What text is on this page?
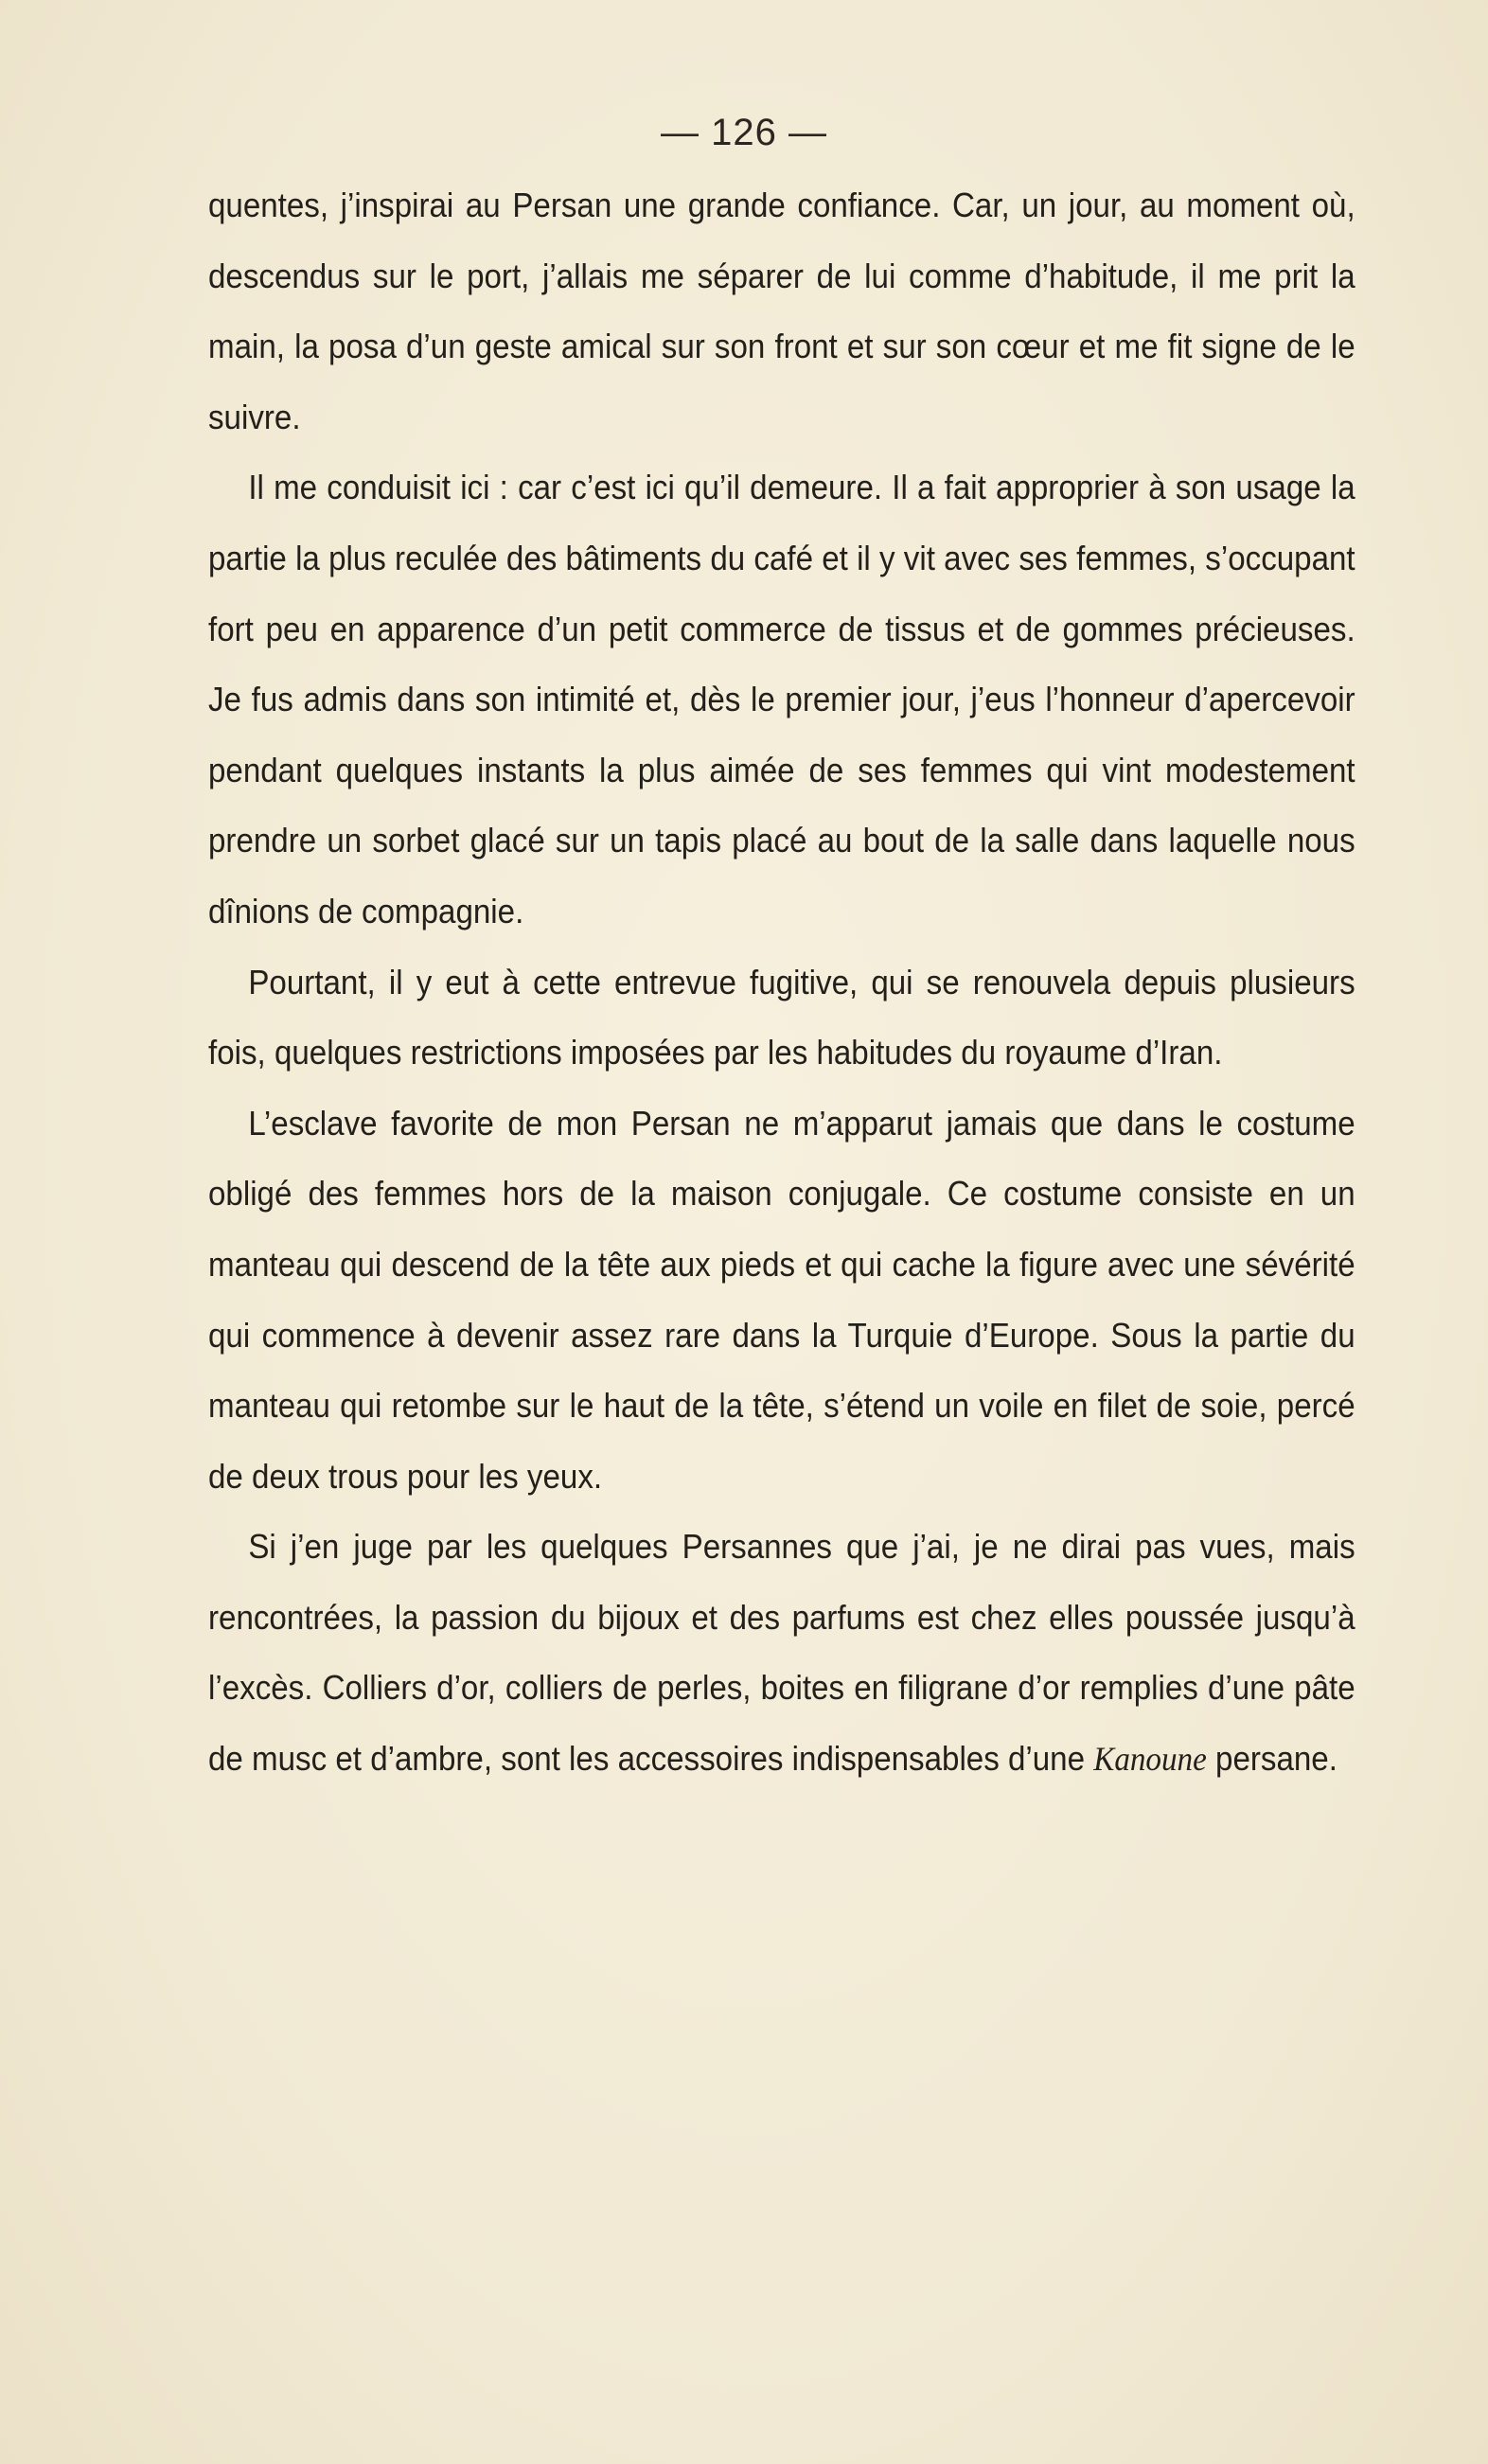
— 126 —

quentes, j’inspirai au Persan une grande confiance. Car, un jour, au moment où, descendus sur le port, j’allais me séparer de lui comme d’habitude, il me prit la main, la posa d’un geste amical sur son front et sur son cœur et me fit signe de le suivre.

Il me conduisit ici : car c’est ici qu’il demeure. Il a fait approprier à son usage la partie la plus reculée des bâtiments du café et il y vit avec ses femmes, s’occupant fort peu en apparence d’un petit commerce de tissus et de gommes précieuses. Je fus admis dans son intimité et, dès le premier jour, j’eus l’honneur d’apercevoir pendant quelques instants la plus aimée de ses femmes qui vint modestement prendre un sorbet glacé sur un tapis placé au bout de la salle dans laquelle nous dînions de compagnie.

Pourtant, il y eut à cette entrevue fugitive, qui se renouvela depuis plusieurs fois, quelques restrictions imposées par les habitudes du royaume d’Iran.

L’esclave favorite de mon Persan ne m’apparut jamais que dans le costume obligé des femmes hors de la maison conjugale. Ce costume consiste en un manteau qui descend de la tête aux pieds et qui cache la figure avec une sévérité qui commence à devenir assez rare dans la Turquie d’Europe. Sous la partie du manteau qui retombe sur le haut de la tête, s’étend un voile en filet de soie, percé de deux trous pour les yeux.

Si j’en juge par les quelques Persannes que j’ai, je ne dirai pas vues, mais rencontrées, la passion du bijoux et des parfums est chez elles poussée jusqu’à l’excès. Colliers d’or, colliers de perles, boites en filigrane d’or remplies d’une pâte de musc et d’ambre, sont les accessoires indispensables d’une Kanoune persane.
